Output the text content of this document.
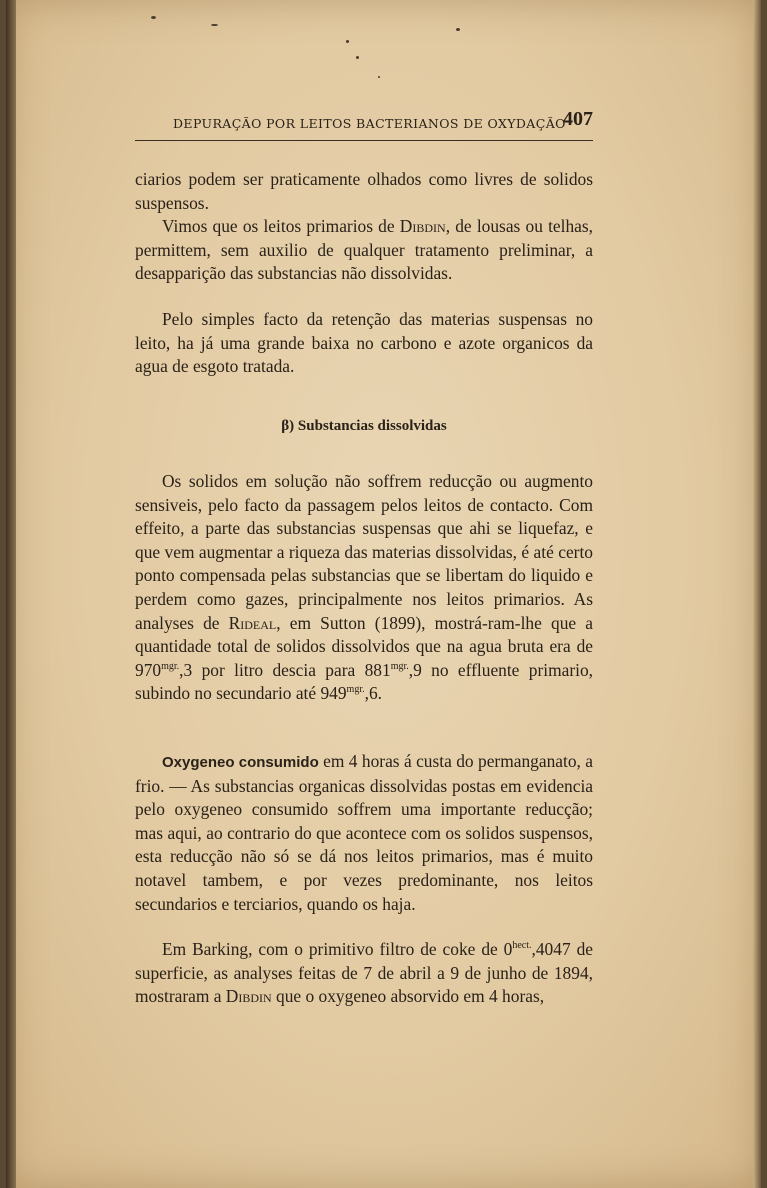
DEPURAÇÃO POR LEITOS BACTERIANOS DE OXYDAÇÃO
407

ciarios podem ser praticamente olhados como livres de solidos suspensos.

Vimos que os leitos primarios de Dibdin, de lousas ou telhas, permittem, sem auxilio de qualquer tratamento preliminar, a desapparição das substancias não dissolvidas.

Pelo simples facto da retenção das materias suspensas no leito, ha já uma grande baixa no carbono e azote organicos da agua de esgoto tratada.

β) Substancias dissolvidas

Os solidos em solução não soffrem reducção ou augmento sensiveis, pelo facto da passagem pelos leitos de contacto. Com effeito, a parte das substancias suspensas que ahi se liquefaz, e que vem augmentar a riqueza das materias dissolvidas, é até certo ponto compensada pelas substancias que se libertam do liquido e perdem como gazes, principalmente nos leitos primarios. As analyses de Rideal, em Sutton (1899), mostrá-ram-lhe que a quantidade total de solidos dissolvidos que na agua bruta era de $970^{mgr.},3$ por litro descia para $881^{mgr.},9$ no effluente primario, subindo no secundario até $949^{mgr.},6$.

Oxygeneo consumido em 4 horas á custa do permanganato, a frio. — As substancias organicas dissolvidas postas em evidencia pelo oxygeneo consumido soffrem uma importante reducção; mas aqui, ao contrario do que acontece com os solidos suspensos, esta reducção não só se dá nos leitos primarios, mas é muito notavel tambem, e por vezes predominante, nos leitos secundarios e terciarios, quando os haja.

Em Barking, com o primitivo filtro de coke de $0^{hect.},4047$ de superficie, as analyses feitas de 7 de abril a 9 de junho de 1894, mostraram a Dibdin que o oxygeneo absorvido em 4 horas,
